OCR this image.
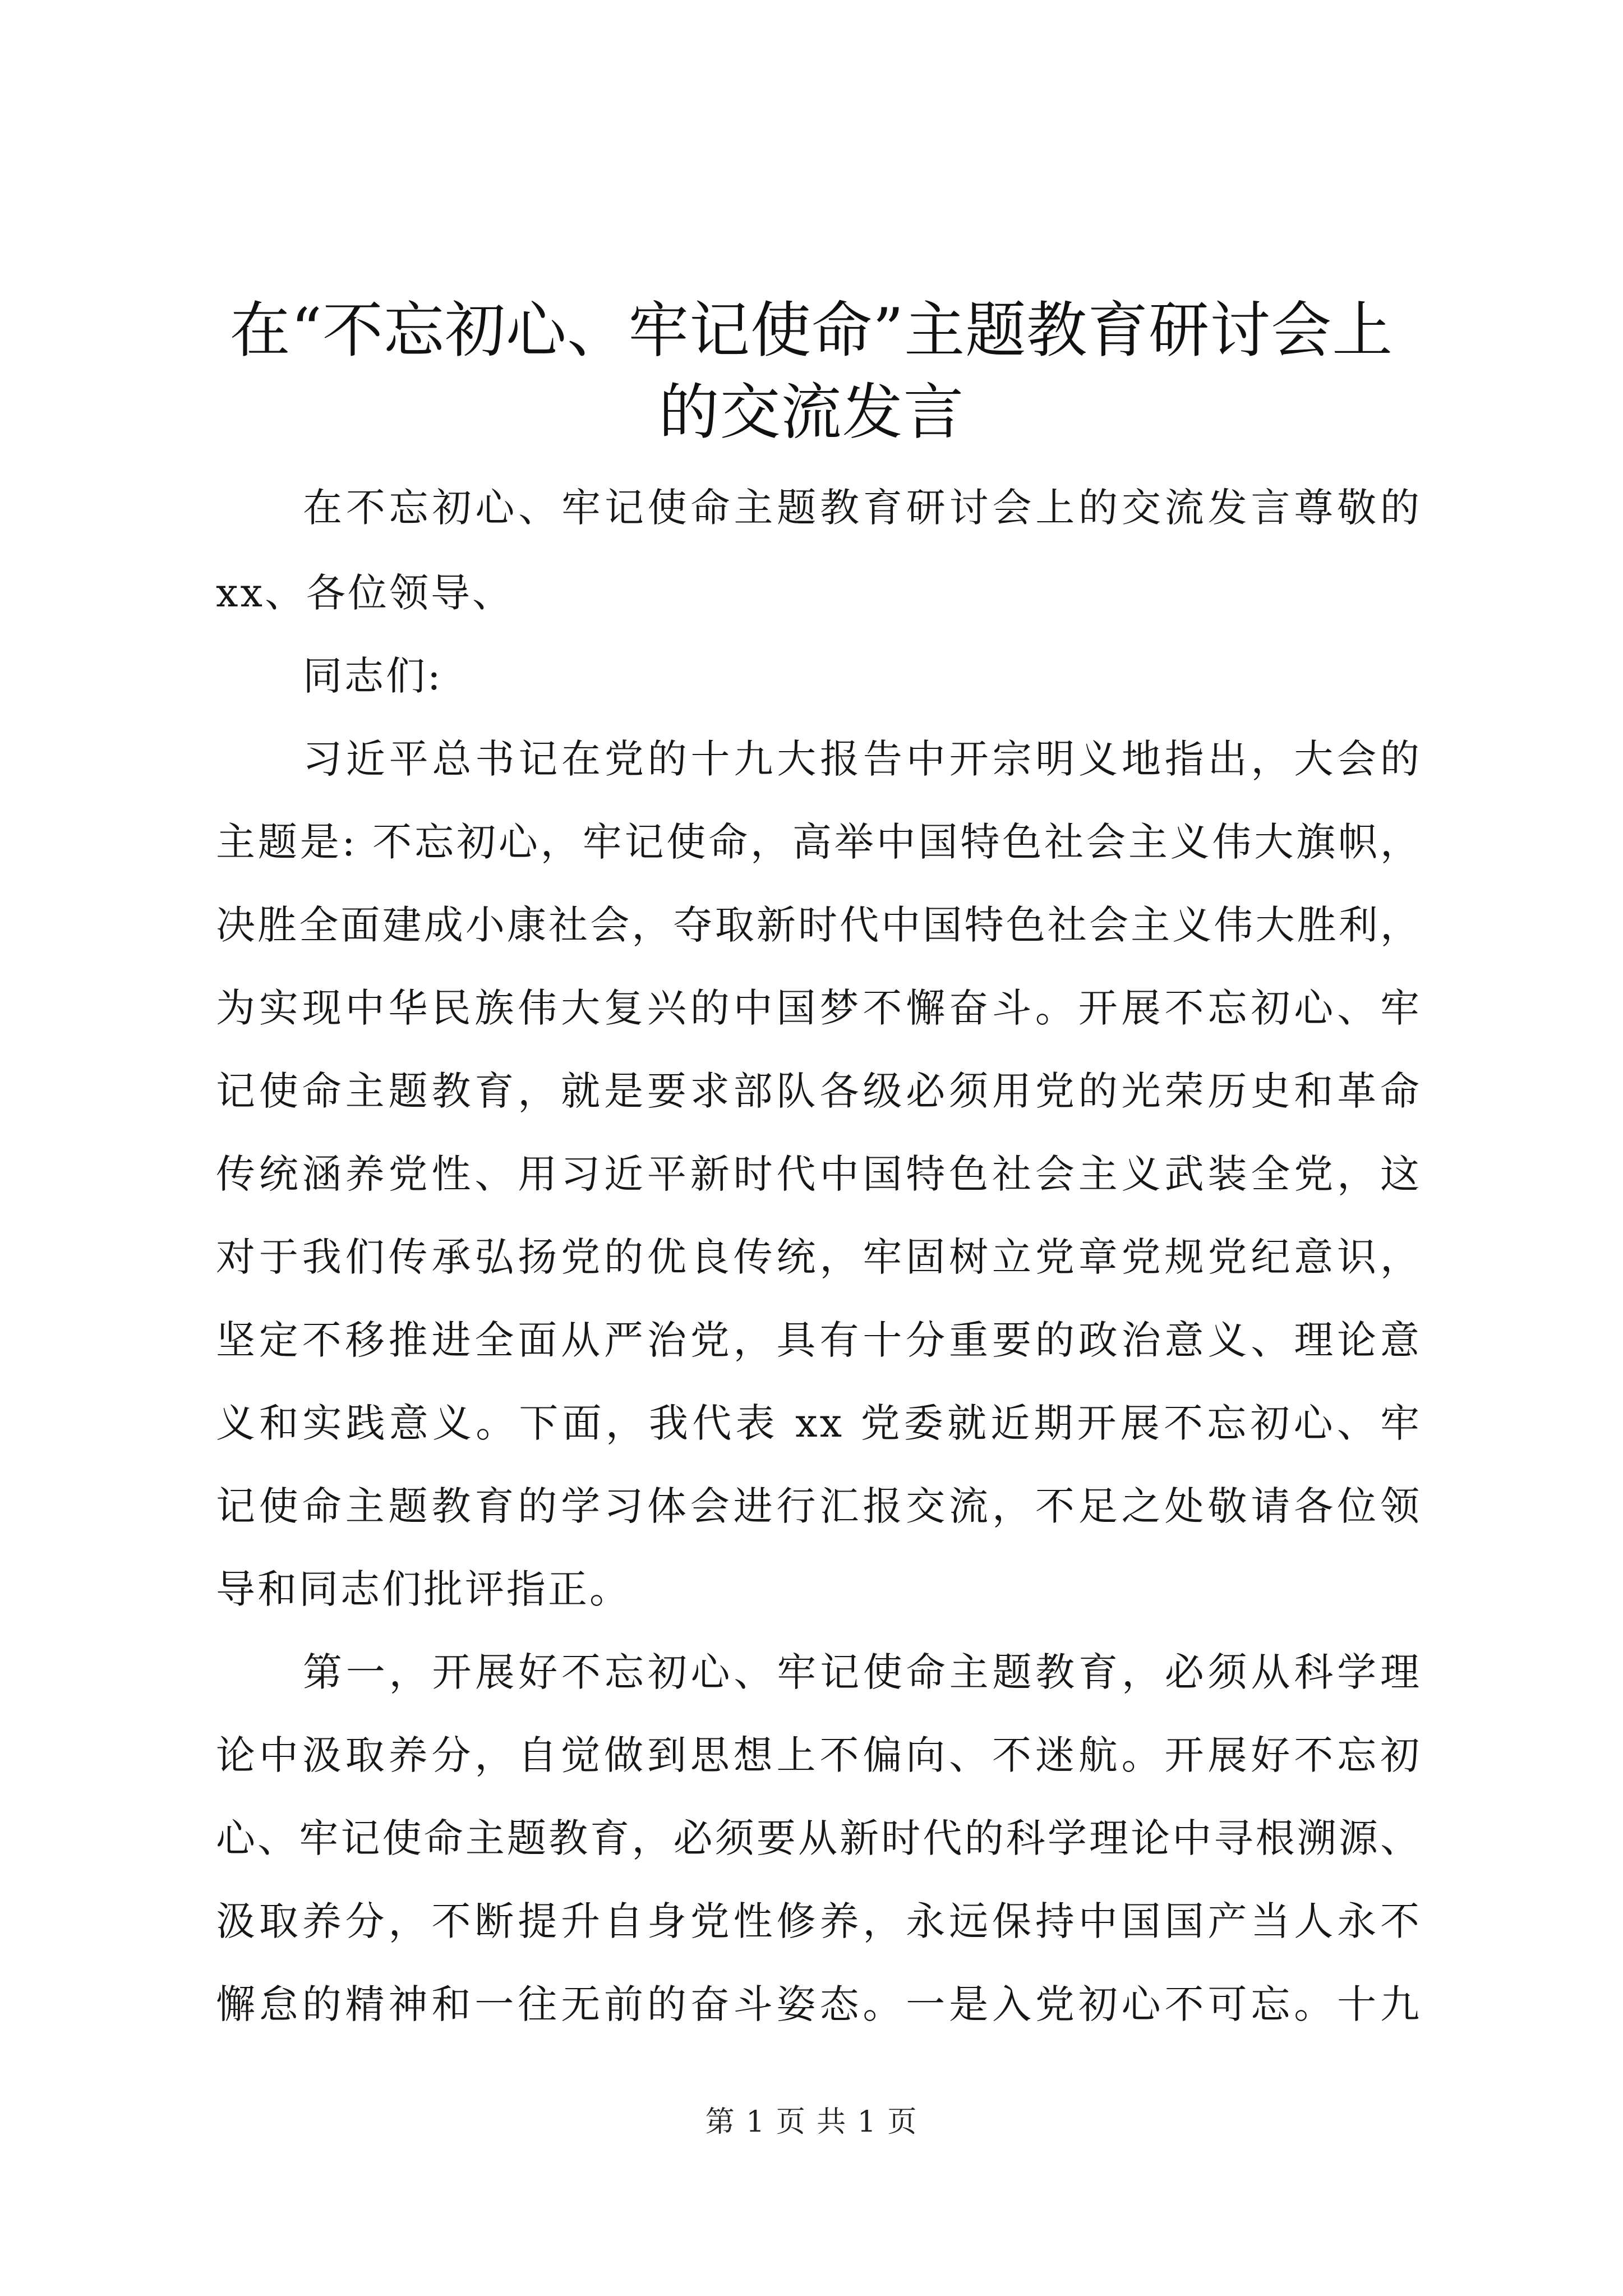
在“不忘初心、牢记使命”主题教育研讨会上
的交流发言
在不忘初心、牢记使命主题教育研讨会上的交流发言尊敬的
xx、各位领导、
同志们:
习近平总书记在党的十九大报告中开宗明义地指出，大会的
主题是: 不忘初心，牢记使命，高举中国特色社会主义伟大旗帜，
决胜全面建成小康社会，夺取新时代中国特色社会主义伟大胜利，
为实现中华民族伟大复兴的中国梦不懈奋斗。开展不忘初心、牢
记使命主题教育，就是要求部队各级必须用党的光荣历史和革命
传统涵养党性、用习近平新时代中国特色社会主义武装全党，这
对于我们传承弘扬党的优良传统，牢固树立党章党规党纪意识，
坚定不移推进全面从严治党，具有十分重要的政治意义、理论意
义和实践意义。下面，我代表 xx 党委就近期开展不忘初心、牢
记使命主题教育的学习体会进行汇报交流，不足之处敬请各位领
导和同志们批评指正。
第一，开展好不忘初心、牢记使命主题教育，必须从科学理
论中汲取养分，自觉做到思想上不偏向、不迷航。开展好不忘初
心、牢记使命主题教育，必须要从新时代的科学理论中寻根溯源、
汲取养分，不断提升自身党性修养，永远保持中国国产当人永不
懈怠的精神和一往无前的奋斗姿态。一是入党初心不可忘。十九
第 1 页 共 1 页
